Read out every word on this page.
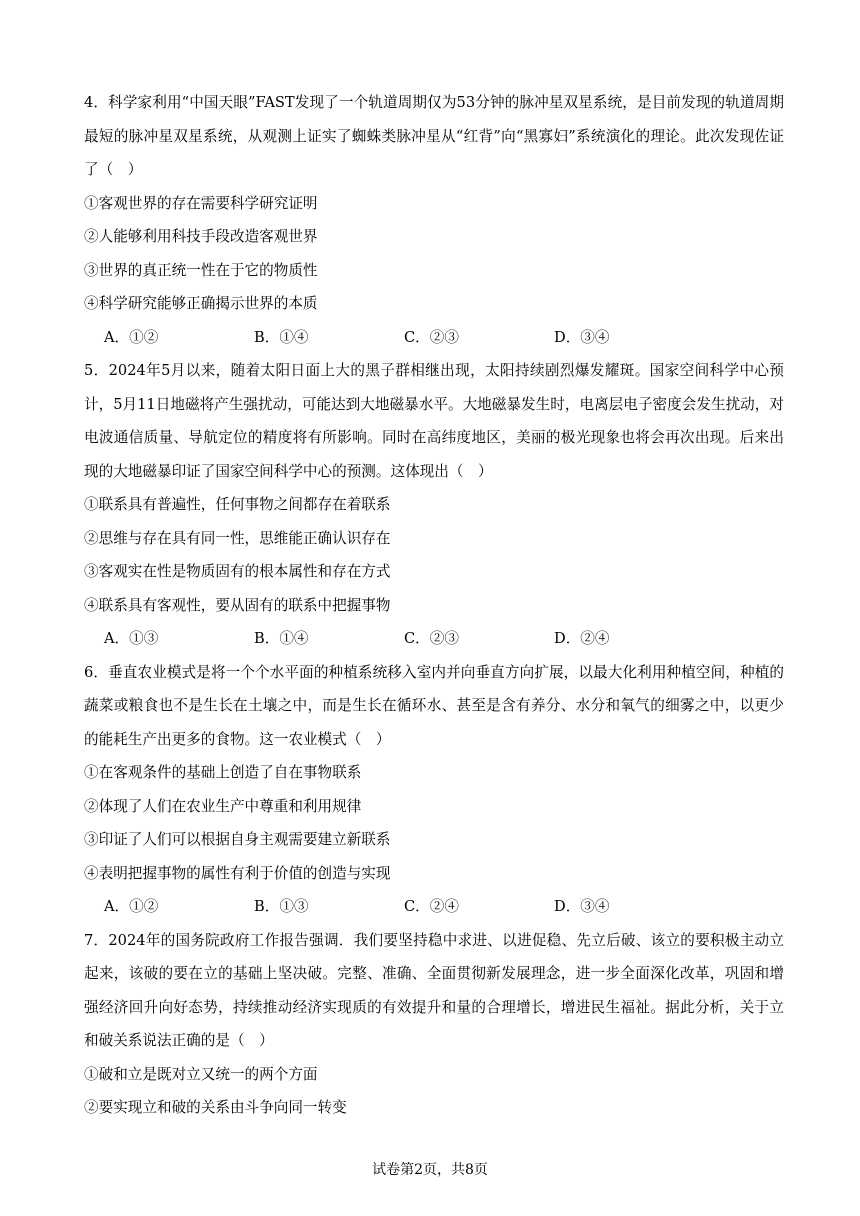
4．科学家利用“中国天眼”FAST发现了一个轨道周期仅为53分钟的脉冲星双星系统，是目前发现的轨道周期最短的脉冲星双星系统，从观测上证实了蜘蛛类脉冲星从“红背”向“黑寡妇”系统演化的理论。此次发现佐证了（　）

①客观世界的存在需要科学研究证明

②人能够利用科技手段改造客观世界

③世界的真正统一性在于它的物质性

④科学研究能够正确揭示世界的本质

A．①②	B．①④	C．②③	D．③④

5．2024年5月以来，随着太阳日面上大的黑子群相继出现，太阳持续剧烈爆发耀斑。国家空间科学中心预计，5月11日地磁将产生强扰动，可能达到大地磁暴水平。大地磁暴发生时，电离层电子密度会发生扰动，对电波通信质量、导航定位的精度将有所影响。同时在高纬度地区，美丽的极光现象也将会再次出现。后来出现的大地磁暴印证了国家空间科学中心的预测。这体现出（　）

①联系具有普遍性，任何事物之间都存在着联系

②思维与存在具有同一性，思维能正确认识存在

③客观实在性是物质固有的根本属性和存在方式

④联系具有客观性，要从固有的联系中把握事物

A．①③	B．①④	C．②③	D．②④

6．垂直农业模式是将一个个水平面的种植系统移入室内并向垂直方向扩展，以最大化利用种植空间，种植的蔬菜或粮食也不是生长在土壤之中，而是生长在循环水、甚至是含有养分、水分和氧气的细雾之中，以更少的能耗生产出更多的食物。这一农业模式（　）

①在客观条件的基础上创造了自在事物联系

②体现了人们在农业生产中尊重和利用规律

③印证了人们可以根据自身主观需要建立新联系

④表明把握事物的属性有利于价值的创造与实现

A．①②	B．①③	C．②④	D．③④

7．2024年的国务院政府工作报告强调．我们要坚持稳中求进、以进促稳、先立后破、该立的要积极主动立起来，该破的要在立的基础上坚决破。完整、准确、全面贯彻新发展理念，进一步全面深化改革，巩固和增强经济回升向好态势，持续推动经济实现质的有效提升和量的合理增长，增进民生福祉。据此分析，关于立和破关系说法正确的是（　）

①破和立是既对立又统一的两个方面

②要实现立和破的关系由斗争向同一转变

试卷第2页，共8页
